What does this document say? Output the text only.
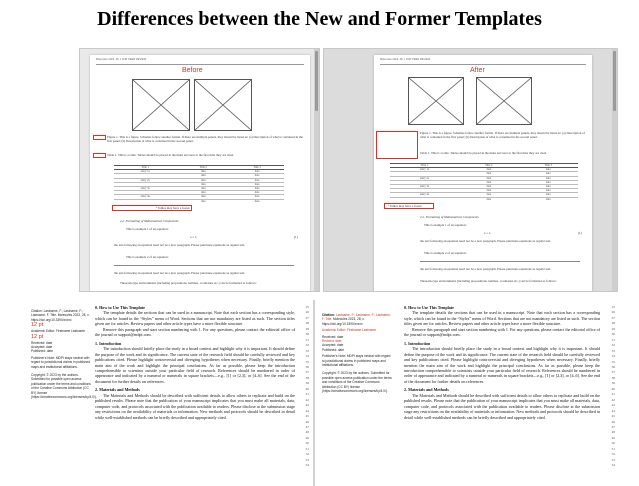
Differences between the New and Former Templates
Molecules 2023, 28, x FOR PEER REVIEW
Before
Figure 1. This is a figure. Schemes follow another format. If there are multiple panels, they should be listed as: (a) Description of what is contained in the first panel; (b) Description of what is contained in the second panel.
Table 1. This is a table. Tables should be placed in the main text near to the first time they are cited.
Title 1	Title 2	Title 3
entry 1a	data	data
	data	data
entry 2a	data	data
	data	data
entry 3a	data	data
	data	data
entry 4a	data	data
	data	data
¹ Tables may have a footer.
2.2. Formatting of Mathematical Components
This is example 1 of an equation:
a = 1,	(1)
the text following an equation need not be a new paragraph. Please punctuate equations as regular text.
This is example 2 of an equation:
the text following an equation need not be a new paragraph. Please punctuate equations as regular text.
Theorem-type environments (including propositions, lemmas, corollaries etc.) can be formatted as follows:
Molecules 2023, 28, x FOR PEER REVIEW
After
Figure 1. This is a figure. Schemes follow another format. If there are multiple panels, they should be listed as: (a) Description of what is contained in the first panel; (b) Description of what is contained in the second panel.
Table 1. This is a table. Tables should be placed in the main text near to the first time they are cited.
Title 1	Title 2	Title 3
entry 1a	data	data
	data	data
entry 2a	data	data
	data	data
entry 3a	data	data
	data	data
entry 4a	data	data
	data	data
¹ Tables may have a footer.
2.2. Formatting of Mathematical Components
This is example 1 of an equation:
a = 1,	(1)
the text following an equation need not be a new paragraph. Please punctuate equations as regular text.
This is example 2 of an equation:
the text following an equation need not be a new paragraph. Please punctuate equations as regular text.
Theorem-type environments (including propositions, lemmas, corollaries etc.) can be formatted as follows:
Citation: Lastname, F.; Lastname, F.; Lastname, F. Title. Molecules 2023, 28, x. https://doi.org/10.3390/xxxxx
12 pt
Academic Editor: Firstname Lastname
12 pt
Received: date
Accepted: date
Published: date
Publisher's Note: MDPI stays neutral with regard to jurisdictional claims in published maps and institutional affiliations.
Copyright: © 2023 by the authors. Submitted for possible open access publication under the terms and conditions of the Creative Commons Attribution (CC BY) license (https://creativecommons.org/licenses/by/4.0/).
0. How to Use This Template

The template details the sections that can be used in a manuscript. Note that each section has a corresponding style, which can be found in the “Styles” menu of Word. Sections that are not mandatory are listed as such. The section titles given are for articles. Review papers and other article types have a more flexible structure.

Remove this paragraph and start section numbering with 1. For any questions, please contact the editorial office of the journal or support@mdpi.com.

1. Introduction

The introduction should briefly place the study in a broad context and highlight why it is important. It should define the purpose of the work and its significance. The current state of the research field should be carefully reviewed and key publications cited. Please highlight controversial and diverging hypotheses when necessary. Finally, briefly mention the main aim of the work and highlight the principal conclusions. As far as possible, please keep the introduction comprehensible to scientists outside your particular field of research. References should be numbered in order of appearance and indicated by a numeral or numerals in square brackets—e.g., [1] or [2,3], or [4–6]. See the end of the document for further details on references.

2. Materials and Methods

The Materials and Methods should be described with sufficient details to allow others to replicate and build on the published results. Please note that the publication of your manuscript implicates that you must make all materials, data, computer code, and protocols associated with the publication available to readers. Please disclose at the submission stage any restrictions on the availability of materials or information. New methods and protocols should be described in detail while well-established methods can be briefly described and appropriately cited.

25
26
27
28
29
30
31
32
33
34
35
36
37
38
39
40
41
42
43
44
45
46
47
48
49
50
51
52
53
54
Citation: Lastname, F.; Lastname, F.; Lastname, F. Title. Molecules 2023, 28, x. https://doi.org/10.3390/xxxxx
Academic Editor: Firstname Lastname
Received: date
Revised: date
Accepted: date
Published: date
Publisher's Note: MDPI stays neutral with regard to jurisdictional claims in published maps and institutional affiliations.
Copyright: © 2023 by the authors. Submitted for possible open access publication under the terms and conditions of the Creative Commons Attribution (CC BY) license (https://creativecommons.org/licenses/by/4.0/).
0. How to Use This Template

The template details the sections that can be used in a manuscript. Note that each section has a corresponding style, which can be found in the “Styles” menu of Word. Sections that are not mandatory are listed as such. The section titles given are for articles. Review papers and other article types have a more flexible structure.

Remove this paragraph and start section numbering with 1. For any questions, please contact the editorial office of the journal or support@mdpi.com.

1. Introduction

The introduction should briefly place the study in a broad context and highlight why it is important. It should define the purpose of the work and its significance. The current state of the research field should be carefully reviewed and key publications cited. Please highlight controversial and diverging hypotheses when necessary. Finally, briefly mention the main aim of the work and highlight the principal conclusions. As far as possible, please keep the introduction comprehensible to scientists outside your particular field of research. References should be numbered in order of appearance and indicated by a numeral or numerals in square brackets—e.g., [1] or [2,3], or [4–6]. See the end of the document for further details on references.

2. Materials and Methods

The Materials and Methods should be described with sufficient details to allow others to replicate and build on the published results. Please note that the publication of your manuscript implicates that you must make all materials, data, computer code, and protocols associated with the publication available to readers. Please disclose at the submission stage any restrictions on the availability of materials or information. New methods and protocols should be described in detail while well-established methods can be briefly described and appropriately cited.

25
26
27
28
29
30
31
32
33
34
35
36
37
38
39
40
41
42
43
44
45
46
47
48
49
50
51
52
53
54
